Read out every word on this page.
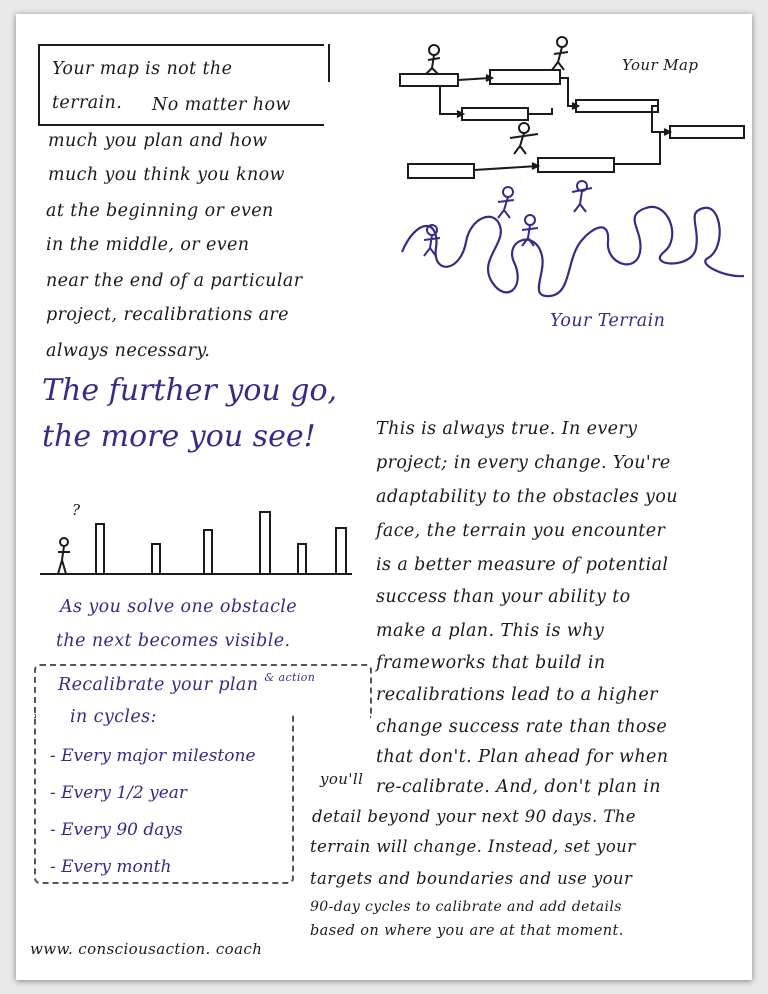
Your map is not the

terrain. No matter how

much you plan and how

much you think you know

at the beginning or even

in the middle, or even

near the end of a particular

project, recalibrations are

always necessary.

Your Map

Your Terrain

The further you go,
the more you see!

?

As you solve one obstacle

the next becomes visible.

Recalibrate your plan $^{\& action}$

in cycles:

- Every major milestone
- Every 1/2 year
- Every 90 days
- Every month

This is always true. In every

project; in every change. You're

adaptability to the obstacles you

face, the terrain you encounter

is a better measure of potential

success than your ability to

make a plan. This is why

frameworks that build in

recalibrations lead to a higher

change success rate than those

that don't. Plan ahead for when

you'll re-calibrate. And, don't plan in

detail beyond your next 90 days. The

terrain will change. Instead, set your

targets and boundaries and use your

90-day cycles to calibrate and add details

based on where you are at that moment.

www. consciousaction. coach
